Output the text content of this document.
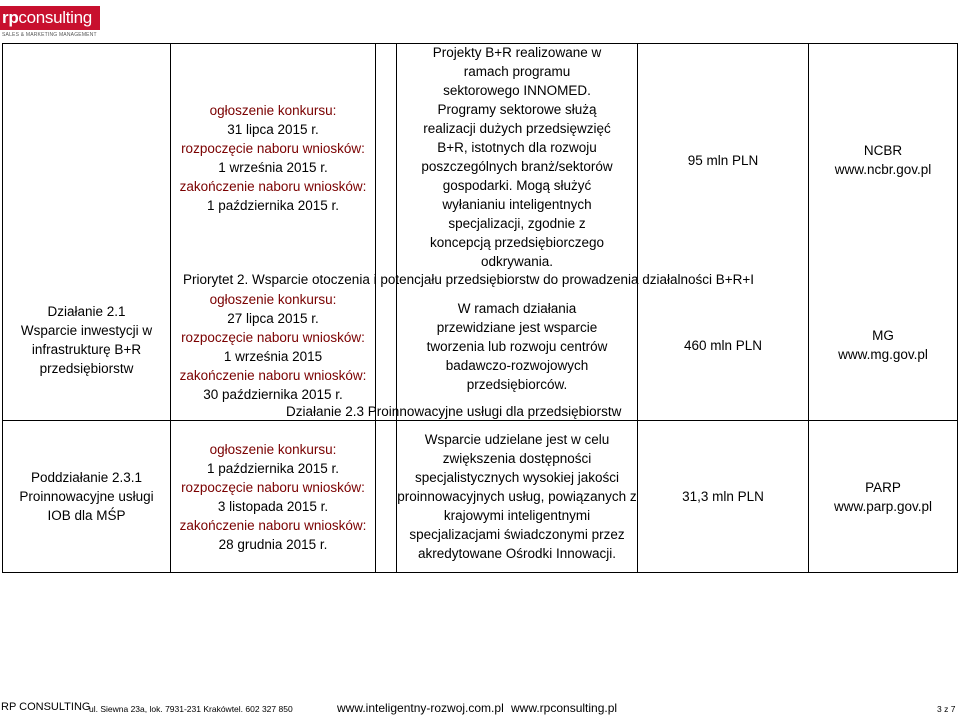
rpconsulting
SALES & MARKETING MANAGEMENT
ogłoszenie konkursu:
31 lipca 2015 r.
rozpoczęcie naboru wniosków:
1 września 2015 r.
zakończenie naboru wniosków:
1 października 2015 r.
Projekty B+R realizowane w
ramach programu
sektorowego INNOMED.
Programy sektorowe służą
realizacji dużych przedsięwzięć
B+R, istotnych dla rozwoju
poszczególnych branż/sektorów
gospodarki. Mogą służyć
wyłanianiu inteligentnych
specjalizacji, zgodnie z
koncepcją przedsiębiorczego
odkrywania.
95 mln PLN
NCBR
www.ncbr.gov.pl
Priorytet 2. Wsparcie otoczenia i potencjału przedsiębiorstw do prowadzenia działalności B+R+I
Działanie 2.1
Wsparcie inwestycji w
infrastrukturę B+R
przedsiębiorstw
ogłoszenie konkursu:
27 lipca 2015 r.
rozpoczęcie naboru wniosków:
1 września 2015
zakończenie naboru wniosków:
30 października 2015 r.
W ramach działania
przewidziane jest wsparcie
tworzenia lub rozwoju centrów
badawczo-rozwojowych
przedsiębiorców.
460 mln PLN
MG
www.mg.gov.pl
Działanie 2.3 Proinnowacyjne usługi dla przedsiębiorstw
Poddziałanie 2.3.1
Proinnowacyjne usługi
IOB dla MŚP
ogłoszenie konkursu:
1 października 2015 r.
rozpoczęcie naboru wniosków:
3 listopada 2015 r.
zakończenie naboru wniosków:
28 grudnia 2015 r.
Wsparcie udzielane jest w celu
zwiększenia dostępności
specjalistycznych wysokiej jakości
proinnowacyjnych usług, powiązanych z
krajowymi inteligentnymi
specjalizacjami świadczonymi przez
akredytowane Ośrodki Innowacji.
31,3 mln PLN
PARP
www.parp.gov.pl
RP CONSULTING
ul. Siewna 23a, lok. 7931-231 Krakówtel. 602 327 850	www.inteligentny-rozwoj.com.pl www.rpconsulting.pl	3 z 7
